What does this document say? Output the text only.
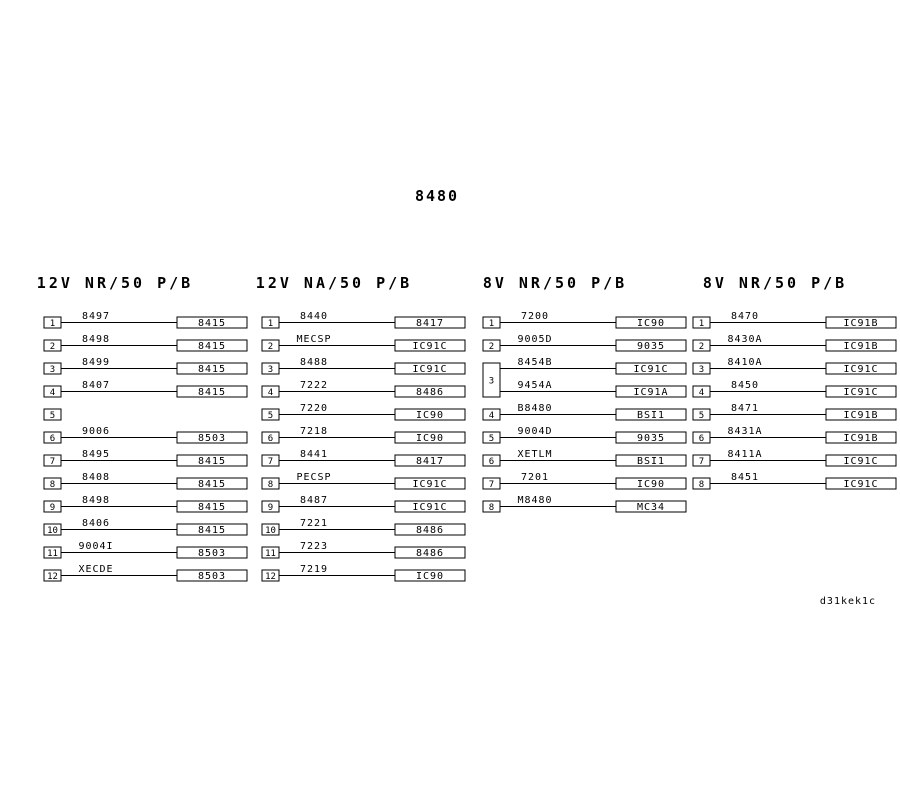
8480
12V NR/50 P/B
1
8497
8415
2
8498
8415
3
8499
8415
4
8407
8415
5
6
9006
8503
7
8495
8415
8
8408
8415
9
8498
8415
10
8406
8415
11
9004I
8503
12
XECDE
8503
12V NA/50 P/B
1
8440
8417
2
MECSP
IC91C
3
8488
IC91C
4
7222
8486
5
7220
IC90
6
7218
IC90
7
8441
8417
8
PECSP
IC91C
9
8487
IC91C
10
7221
8486
11
7223
8486
12
7219
IC90
8V NR/50 P/B
1
7200
IC90
2
9005D
9035
3
8454B
IC91C
9454A
IC91A
4
B8480
BSI1
5
9004D
9035
6
XETLM
BSI1
7
7201
IC90
8
M8480
MC34
8V NR/50 P/B
1
8470
IC91B
2
8430A
IC91B
3
8410A
IC91C
4
8450
IC91C
5
8471
IC91B
6
8431A
IC91B
7
8411A
IC91C
8
8451
IC91C
d31kek1c
